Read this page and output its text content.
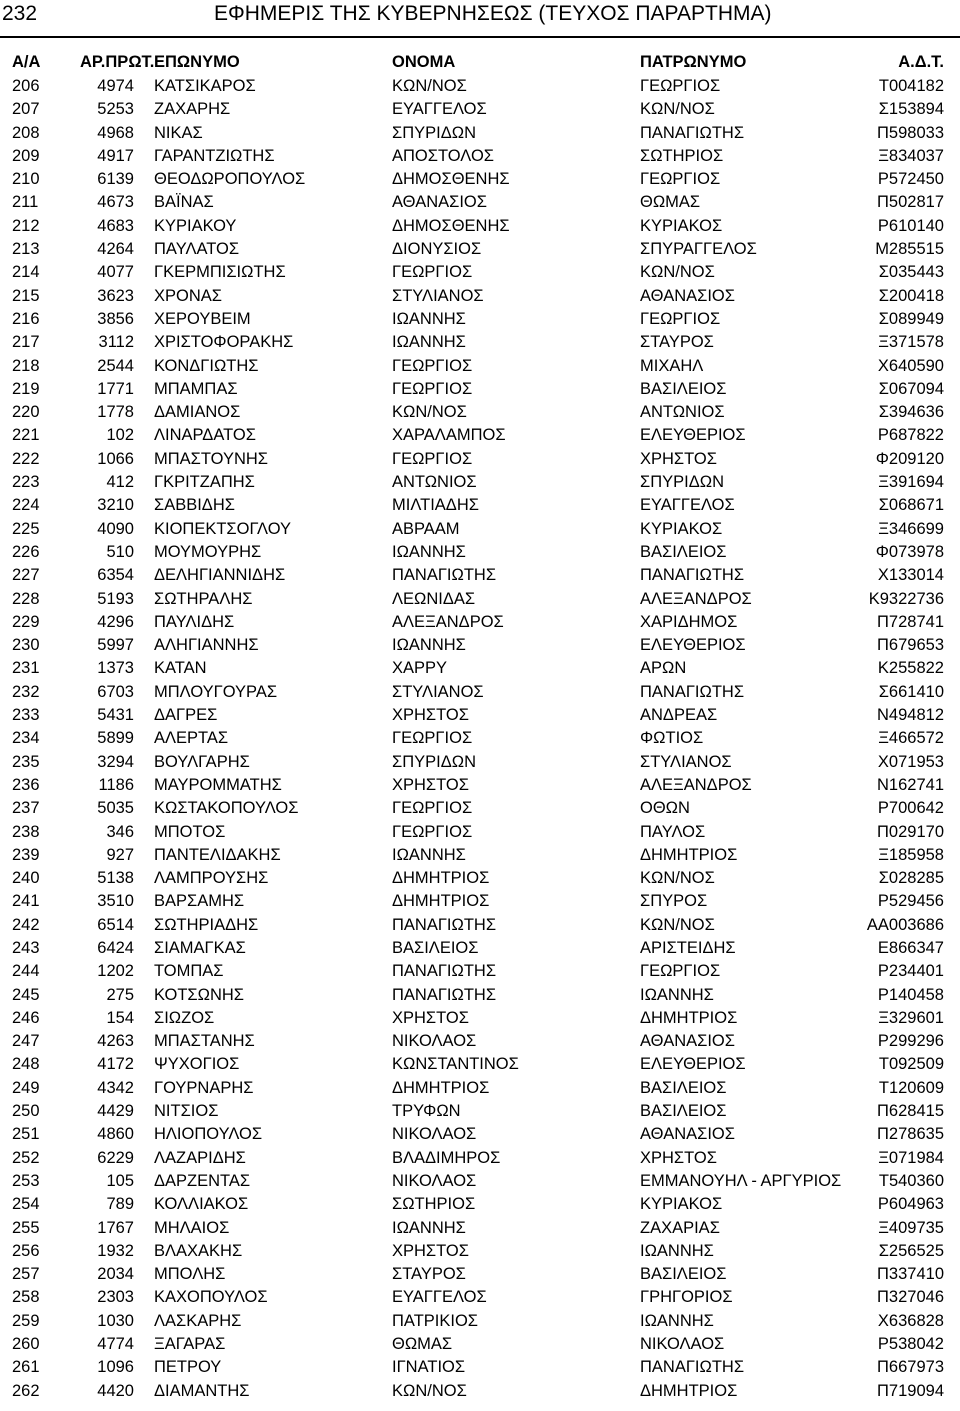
232	ΕΦΗΜΕΡΙΣ ΤΗΣ ΚΥΒΕΡΝΗΣΕΩΣ (ΤΕΥΧΟΣ ΠΑΡΑΡΤΗΜΑ)
Α/Α	ΑΡ.ΠΡΩΤ.	ΕΠΩΝΥΜΟ	ΟΝΟΜΑ	ΠΑΤΡΩΝΥΜΟ	Α.Δ.Τ.
206	4974	ΚΑΤΣΙΚΑΡΟΣ	ΚΩΝ/ΝΟΣ	ΓΕΩΡΓΙΟΣ	Τ004182
207	5253	ΖΑΧΑΡΗΣ	ΕΥΑΓΓΕΛΟΣ	ΚΩΝ/ΝΟΣ	Σ153894
208	4968	ΝΙΚΑΣ	ΣΠΥΡΙΔΩΝ	ΠΑΝΑΓΙΩΤΗΣ	Π598033
209	4917	ΓΑΡΑΝΤΖΙΩΤΗΣ	ΑΠΟΣΤΟΛΟΣ	ΣΩΤΗΡΙΟΣ	Ξ834037
210	6139	ΘΕΟΔΩΡΟΠΟΥΛΟΣ	ΔΗΜΟΣΘΕΝΗΣ	ΓΕΩΡΓΙΟΣ	Ρ572450
211	4673	ΒΑΪΝΑΣ	ΑΘΑΝΑΣΙΟΣ	ΘΩΜΑΣ	Π502817
212	4683	ΚΥΡΙΑΚΟΥ	ΔΗΜΟΣΘΕΝΗΣ	ΚΥΡΙΑΚΟΣ	Ρ610140
213	4264	ΠΑΥΛΑΤΟΣ	ΔΙΟΝΥΣΙΟΣ	ΣΠΥΡΑΓΓΕΛΟΣ	Μ285515
214	4077	ΓΚΕΡΜΠΙΣΙΩΤΗΣ	ΓΕΩΡΓΙΟΣ	ΚΩΝ/ΝΟΣ	Σ035443
215	3623	ΧΡΟΝΑΣ	ΣΤΥΛΙΑΝΟΣ	ΑΘΑΝΑΣΙΟΣ	Σ200418
216	3856	ΧΕΡΟΥΒΕΙΜ	ΙΩΑΝΝΗΣ	ΓΕΩΡΓΙΟΣ	Σ089949
217	3112	ΧΡΙΣΤΟΦΟΡΑΚΗΣ	ΙΩΑΝΝΗΣ	ΣΤΑΥΡΟΣ	Ξ371578
218	2544	ΚΟΝΔΓΙΩΤΗΣ	ΓΕΩΡΓΙΟΣ	ΜΙΧΑΗΛ	Χ640590
219	1771	ΜΠΑΜΠΑΣ	ΓΕΩΡΓΙΟΣ	ΒΑΣΙΛΕΙΟΣ	Σ067094
220	1778	ΔΑΜΙΑΝΟΣ	ΚΩΝ/ΝΟΣ	ΑΝΤΩΝΙΟΣ	Σ394636
221	102	ΛΙΝΑΡΔΑΤΟΣ	ΧΑΡΑΛΑΜΠΟΣ	ΕΛΕΥΘΕΡΙΟΣ	Ρ687822
222	1066	ΜΠΑΣΤΟΥΝΗΣ	ΓΕΩΡΓΙΟΣ	ΧΡΗΣΤΟΣ	Φ209120
223	412	ΓΚΡΙΤΖΑΠΗΣ	ΑΝΤΩΝΙΟΣ	ΣΠΥΡΙΔΩΝ	Ξ391694
224	3210	ΣΑΒΒΙΔΗΣ	ΜΙΛΤΙΑΔΗΣ	ΕΥΑΓΓΕΛΟΣ	Σ068671
225	4090	ΚΙΟΠΕΚΤΣΟΓΛΟΥ	ΑΒΡΑΑΜ	ΚΥΡΙΑΚΟΣ	Ξ346699
226	510	ΜΟΥΜΟΥΡΗΣ	ΙΩΑΝΝΗΣ	ΒΑΣΙΛΕΙΟΣ	Φ073978
227	6354	ΔΕΛΗΓΙΑΝΝΙΔΗΣ	ΠΑΝΑΓΙΩΤΗΣ	ΠΑΝΑΓΙΩΤΗΣ	Χ133014
228	5193	ΣΩΤΗΡΑΛΗΣ	ΛΕΩΝΙΔΑΣ	ΑΛΕΞΑΝΔΡΟΣ	Κ9322736
229	4296	ΠΑΥΛΙΔΗΣ	ΑΛΕΞΑΝΔΡΟΣ	ΧΑΡΙΔΗΜΟΣ	Π728741
230	5997	ΑΛΗΓΙΑΝΝΗΣ	ΙΩΑΝΝΗΣ	ΕΛΕΥΘΕΡΙΟΣ	Π679653
231	1373	ΚΑΤΑΝ	ΧΑΡΡΥ	ΑΡΩΝ	Κ255822
232	6703	ΜΠΛΟΥΓΟΥΡΑΣ	ΣΤΥΛΙΑΝΟΣ	ΠΑΝΑΓΙΩΤΗΣ	Σ661410
233	5431	ΔΑΓΡΕΣ	ΧΡΗΣΤΟΣ	ΑΝΔΡΕΑΣ	Ν494812
234	5899	ΑΛΕΡΤΑΣ	ΓΕΩΡΓΙΟΣ	ΦΩΤΙΟΣ	Ξ466572
235	3294	ΒΟΥΛΓΑΡΗΣ	ΣΠΥΡΙΔΩΝ	ΣΤΥΛΙΑΝΟΣ	Χ071953
236	1186	ΜΑΥΡΟΜΜΑΤΗΣ	ΧΡΗΣΤΟΣ	ΑΛΕΞΑΝΔΡΟΣ	Ν162741
237	5035	ΚΩΣΤΑΚΟΠΟΥΛΟΣ	ΓΕΩΡΓΙΟΣ	ΟΘΩΝ	Ρ700642
238	346	ΜΠΟΤΟΣ	ΓΕΩΡΓΙΟΣ	ΠΑΥΛΟΣ	Π029170
239	927	ΠΑΝΤΕΛΙΔΑΚΗΣ	ΙΩΑΝΝΗΣ	ΔΗΜΗΤΡΙΟΣ	Ξ185958
240	5138	ΛΑΜΠΡΟΥΣΗΣ	ΔΗΜΗΤΡΙΟΣ	ΚΩΝ/ΝΟΣ	Σ028285
241	3510	ΒΑΡΣΑΜΗΣ	ΔΗΜΗΤΡΙΟΣ	ΣΠΥΡΟΣ	Ρ529456
242	6514	ΣΩΤΗΡΙΑΔΗΣ	ΠΑΝΑΓΙΩΤΗΣ	ΚΩΝ/ΝΟΣ	ΑΑ003686
243	6424	ΣΙΑΜΑΓΚΑΣ	ΒΑΣΙΛΕΙΟΣ	ΑΡΙΣΤΕΙΔΗΣ	Ε866347
244	1202	ΤΟΜΠΑΣ	ΠΑΝΑΓΙΩΤΗΣ	ΓΕΩΡΓΙΟΣ	Ρ234401
245	275	ΚΟΤΣΩΝΗΣ	ΠΑΝΑΓΙΩΤΗΣ	ΙΩΑΝΝΗΣ	Ρ140458
246	154	ΣΙΩΖΟΣ	ΧΡΗΣΤΟΣ	ΔΗΜΗΤΡΙΟΣ	Ξ329601
247	4263	ΜΠΑΣΤΑΝΗΣ	ΝΙΚΟΛΑΟΣ	ΑΘΑΝΑΣΙΟΣ	Ρ299296
248	4172	ΨΥΧΟΓΙΟΣ	ΚΩΝΣΤΑΝΤΙΝΟΣ	ΕΛΕΥΘΕΡΙΟΣ	Τ092509
249	4342	ΓΟΥΡΝΑΡΗΣ	ΔΗΜΗΤΡΙΟΣ	ΒΑΣΙΛΕΙΟΣ	Τ120609
250	4429	ΝΙΤΣΙΟΣ	ΤΡΥΦΩΝ	ΒΑΣΙΛΕΙΟΣ	Π628415
251	4860	ΗΛΙΟΠΟΥΛΟΣ	ΝΙΚΟΛΑΟΣ	ΑΘΑΝΑΣΙΟΣ	Π278635
252	6229	ΛΑΖΑΡΙΔΗΣ	ΒΛΑΔΙΜΗΡΟΣ	ΧΡΗΣΤΟΣ	Ξ071984
253	105	ΔΑΡΖΕΝΤΑΣ	ΝΙΚΟΛΑΟΣ	ΕΜΜΑΝΟΥΗΛ - ΑΡΓΥΡΙΟΣ	Τ540360
254	789	ΚΟΛΛΙΑΚΟΣ	ΣΩΤΗΡΙΟΣ	ΚΥΡΙΑΚΟΣ	Ρ604963
255	1767	ΜΗΛΑΙΟΣ	ΙΩΑΝΝΗΣ	ΖΑΧΑΡΙΑΣ	Ξ409735
256	1932	ΒΛΑΧΑΚΗΣ	ΧΡΗΣΤΟΣ	ΙΩΑΝΝΗΣ	Σ256525
257	2034	ΜΠΟΛΗΣ	ΣΤΑΥΡΟΣ	ΒΑΣΙΛΕΙΟΣ	Π337410
258	2303	ΚΑΧΟΠΟΥΛΟΣ	ΕΥΑΓΓΕΛΟΣ	ΓΡΗΓΟΡΙΟΣ	Π327046
259	1030	ΛΑΣΚΑΡΗΣ	ΠΑΤΡΙΚΙΟΣ	ΙΩΑΝΝΗΣ	Χ636828
260	4774	ΞΑΓΑΡΑΣ	ΘΩΜΑΣ	ΝΙΚΟΛΑΟΣ	Ρ538042
261	1096	ΠΕΤΡΟΥ	ΙΓΝΑΤΙΟΣ	ΠΑΝΑΓΙΩΤΗΣ	Π667973
262	4420	ΔΙΑΜΑΝΤΗΣ	ΚΩΝ/ΝΟΣ	ΔΗΜΗΤΡΙΟΣ	Π719094
